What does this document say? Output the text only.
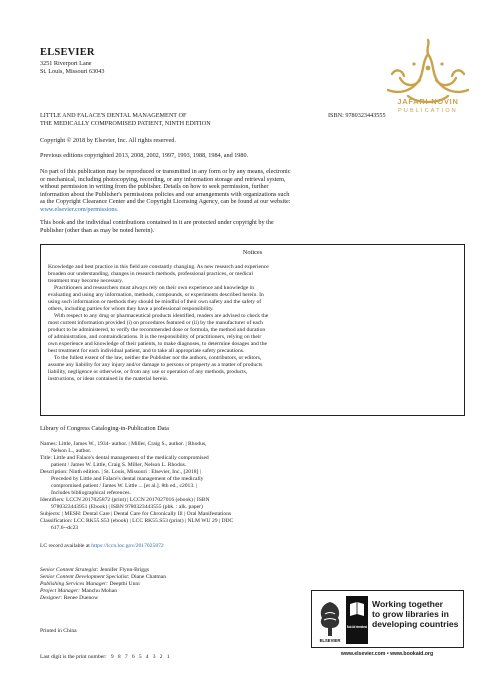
ELSEVIER
3251 Riverport Lane
St. Louis, Missouri 63043
JAFARI NOVIN
PUBLICATION
LITTLE AND FALACE'S DENTAL MANAGEMENT OF
THE MEDICALLY COMPROMISED PATIENT, NINTH EDITION
ISBN: 9780323443555
Copyright © 2018 by Elsevier, Inc. All rights reserved.
Previous editions copyrighted 2013, 2008, 2002, 1997, 1993, 1988, 1984, and 1980.
No part of this publication may be reproduced or transmitted in any form or by any means, electronic
or mechanical, including photocopying, recording, or any information storage and retrieval system,
without permission in writing from the publisher. Details on how to seek permission, further
information about the Publisher's permissions policies and our arrangements with organizations such
as the Copyright Clearance Center and the Copyright Licensing Agency, can be found at our website:
www.elsevier.com/permissions.
This book and the individual contributions contained in it are protected under copyright by the
Publisher (other than as may be noted herein).
Notices

Knowledge and best practice in this field are constantly changing. As new research and experience
broaden our understanding, changes in research methods, professional practices, or medical
treatment may become necessary.

Practitioners and researchers must always rely on their own experience and knowledge in
evaluating and using any information, methods, compounds, or experiments described herein. In
using such information or methods they should be mindful of their own safety and the safety of
others, including parties for whom they have a professional responsibility.

With respect to any drug or pharmaceutical products identified, readers are advised to check the
most current information provided (i) on procedures featured or (ii) by the manufacturer of each
product to be administered, to verify the recommended dose or formula, the method and duration
of administration, and contraindications. It is the responsibility of practitioners, relying on their
own experience and knowledge of their patients, to make diagnoses, to determine dosages and the
best treatment for each individual patient, and to take all appropriate safety precautions.

To the fullest extent of the law, neither the Publisher nor the authors, contributors, or editors,
assume any liability for any injury and/or damage to persons or property as a matter of products
liability, negligence or otherwise, or from any use or operation of any methods, products,
instructions, or ideas contained in the material herein.

Library of Congress Cataloging-in-Publication Data
Names: Little, James W., 1934- author. | Miller, Craig S., author. | Rhodus,
Nelson L., author.
Title: Little and Falace's dental management of the medically compromised
patient / James W. Little, Craig S. Miller, Nelson L. Rhodus.
Description: Ninth edition. | St. Louis, Missouri : Elsevier, Inc., [2018] |
Preceded by Little and Falace's dental management of the medically
compromised patient / James W. Little ... [et al.]. 8th ed., c2013. |
Includes bibliographical references.
Identifiers: LCCN 2017025872 (print) | LCCN 2017027016 (ebook) | ISBN
9780323443951 (Ebook) | ISBN 9780323443555 (pbk. : alk. paper)
Subjects: | MESH: Dental Care | Dental Care for Chronically Ill | Oral Manifestations
Classification: LCC RK55.S53 (ebook) | LCC RK55.S53 (print) | NLM WU 29 | DDC
617.6--dc23
LC record available at https://lccn.loc.gov/2017025872
Senior Content Strategist: Jennifer Flynn-Briggs
Senior Content Development Specialist: Diane Chatman
Publishing Services Manager: Deepthi Unni
Project Manager: Manchu Mohan
Designer: Renee Duenow
Printed in China
Last digit is the print number:   9   8   7   6   5   4   3   2   1
ELSEVIER
Book Aid International
Working together
to grow libraries in
developing countries
www.elsevier.com • www.bookaid.org
